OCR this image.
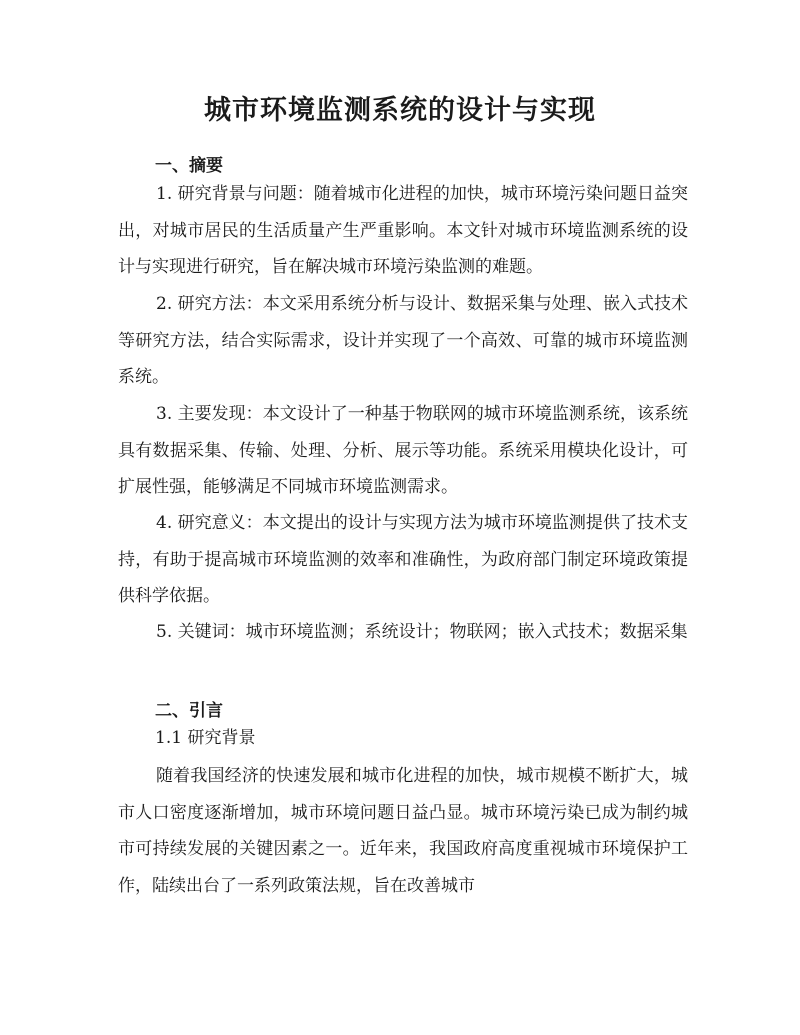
城市环境监测系统的设计与实现
一、摘要

1. 研究背景与问题：随着城市化进程的加快，城市环境污染问题日益突出，对城市居民的生活质量产生严重影响。本文针对城市环境监测系统的设计与实现进行研究，旨在解决城市环境污染监测的难题。

2. 研究方法：本文采用系统分析与设计、数据采集与处理、嵌入式技术等研究方法，结合实际需求，设计并实现了一个高效、可靠的城市环境监测系统。

3. 主要发现：本文设计了一种基于物联网的城市环境监测系统，该系统具有数据采集、传输、处理、分析、展示等功能。系统采用模块化设计，可扩展性强，能够满足不同城市环境监测需求。

4. 研究意义：本文提出的设计与实现方法为城市环境监测提供了技术支持，有助于提高城市环境监测的效率和准确性，为政府部门制定环境政策提供科学依据。

5. 关键词：城市环境监测；系统设计；物联网；嵌入式技术；数据采集

二、引言

1.1 研究背景

随着我国经济的快速发展和城市化进程的加快，城市规模不断扩大，城市人口密度逐渐增加，城市环境问题日益凸显。城市环境污染已成为制约城市可持续发展的关键因素之一。近年来，我国政府高度重视城市环境保护工作，陆续出台了一系列政策法规，旨在改善城市
